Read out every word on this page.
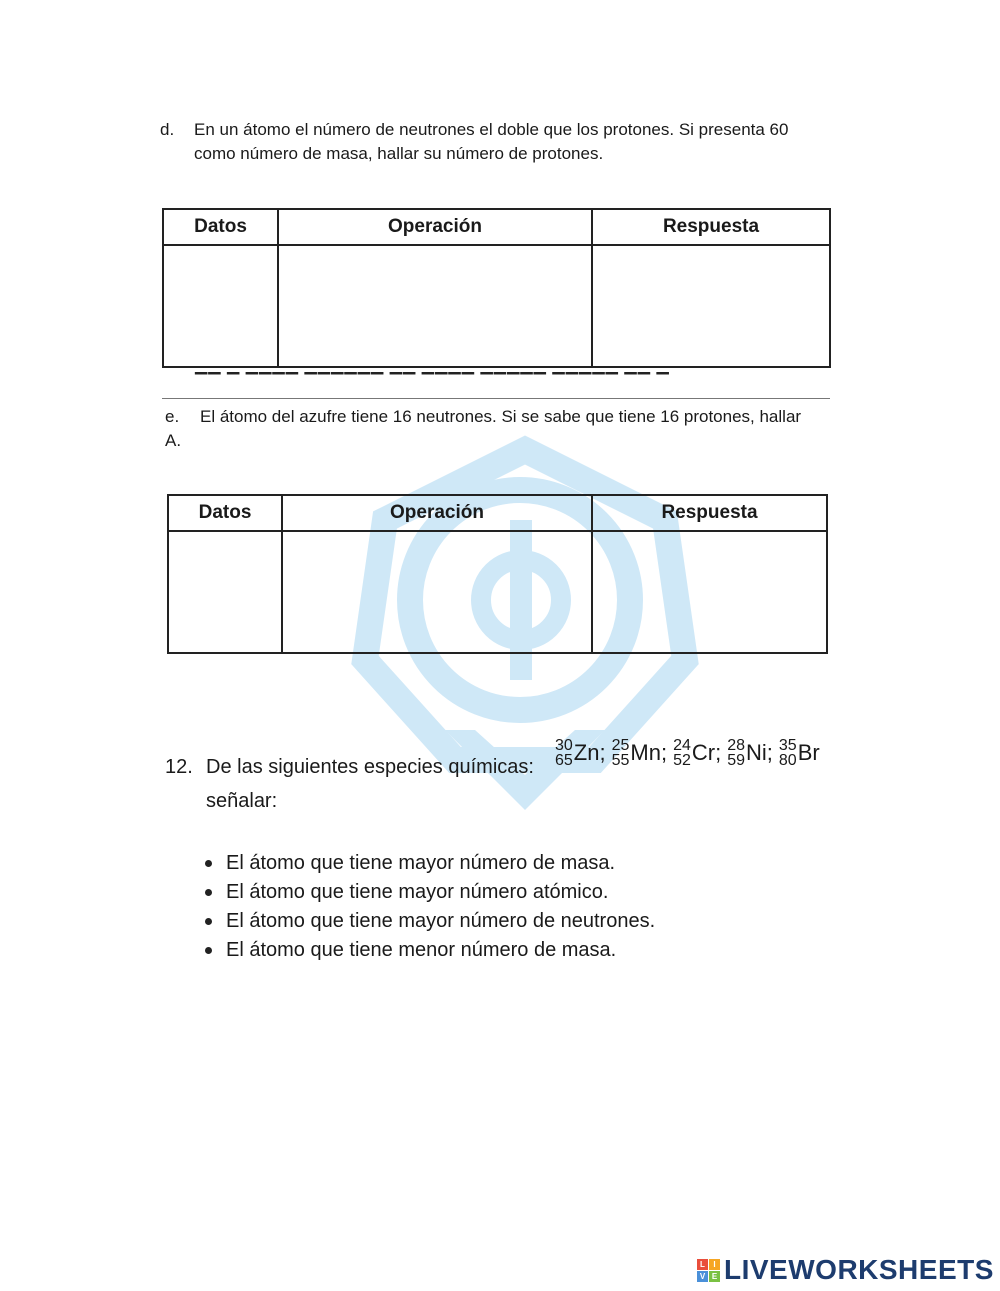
d. En un átomo el número de neutrones el doble que los protones. Si presenta 60
como número de masa, hallar su número de protones.
Datos	Operación	Respuesta

▔▔ ▔ ▔▔▔▔ ▔▔▔▔▔▔ ▔▔ ▔▔▔▔ ▔▔▔▔▔ ▔▔▔▔▔ ▔▔ ▔
e. El átomo del azufre tiene 16 neutrones. Si se sabe que tiene 16 protones, hallar
A.
Datos	Operación	Respuesta

12. De las siguientes especies químicas:
señalar:
30
65 Zn; 25
55 Mn; 24
52 Cr; 28
59 Ni; 35
80 Br
El átomo que tiene mayor número de masa.
El átomo que tiene mayor número atómico.
El átomo que tiene mayor número de neutrones.
El átomo que tiene menor número de masa.
L	I
V E LIVEWORKSHEETS
